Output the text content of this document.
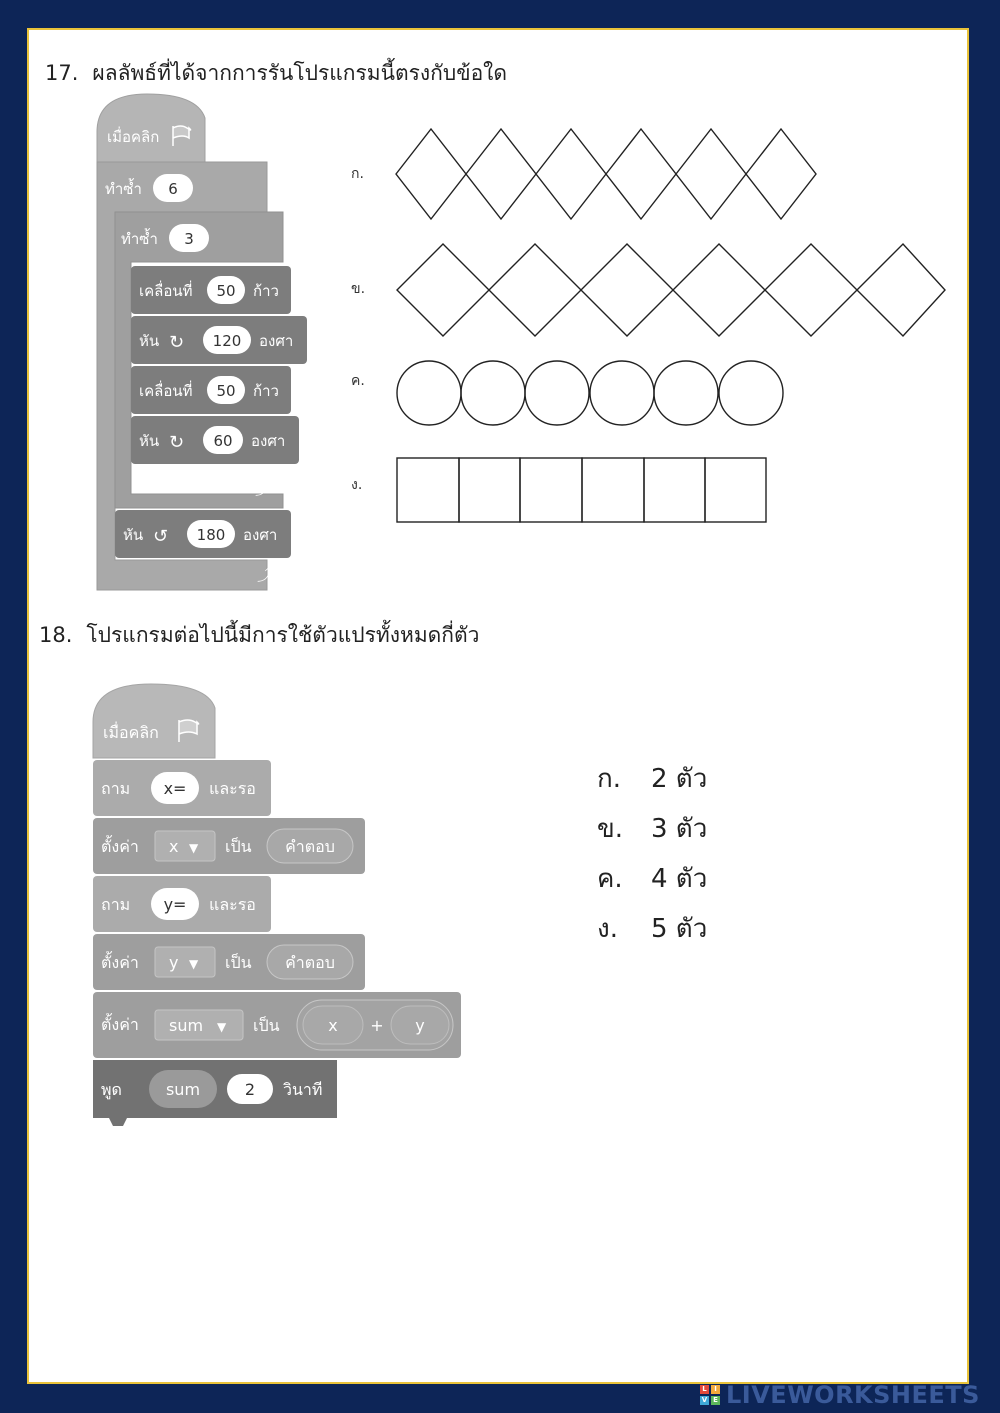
17. ผลลัพธ์ที่ได้จากการรันโปรแกรมนี้ตรงกับข้อใด
เมื่อคลิก
ทำซ้ำ 6
⤴
ทำซ้ำ 3
⤴
เคลื่อนที่ 50 ก้าว
หัน ↻ 120 องศา
เคลื่อนที่ 50 ก้าว
หัน ↻ 60 องศา
หัน ↺ 180 องศา
ก.
ข.
ค.
ง.
18. โปรแกรมต่อไปนี้มีการใช้ตัวแปรทั้งหมดกี่ตัว
เมื่อคลิก
ถาม x= และรอ
ตั้งค่า x ▼ เป็น คำตอบ
ถาม y= และรอ
ตั้งค่า y ▼ เป็น คำตอบ
ตั้งค่า sum ▼ เป็น	x + y
พูด	sum	2 วินาที
ก. 2 ตัว
ข. 3 ตัว
ค. 4 ตัว
ง. 5 ตัว
L	I
V E LIVEWORKSHEETS
